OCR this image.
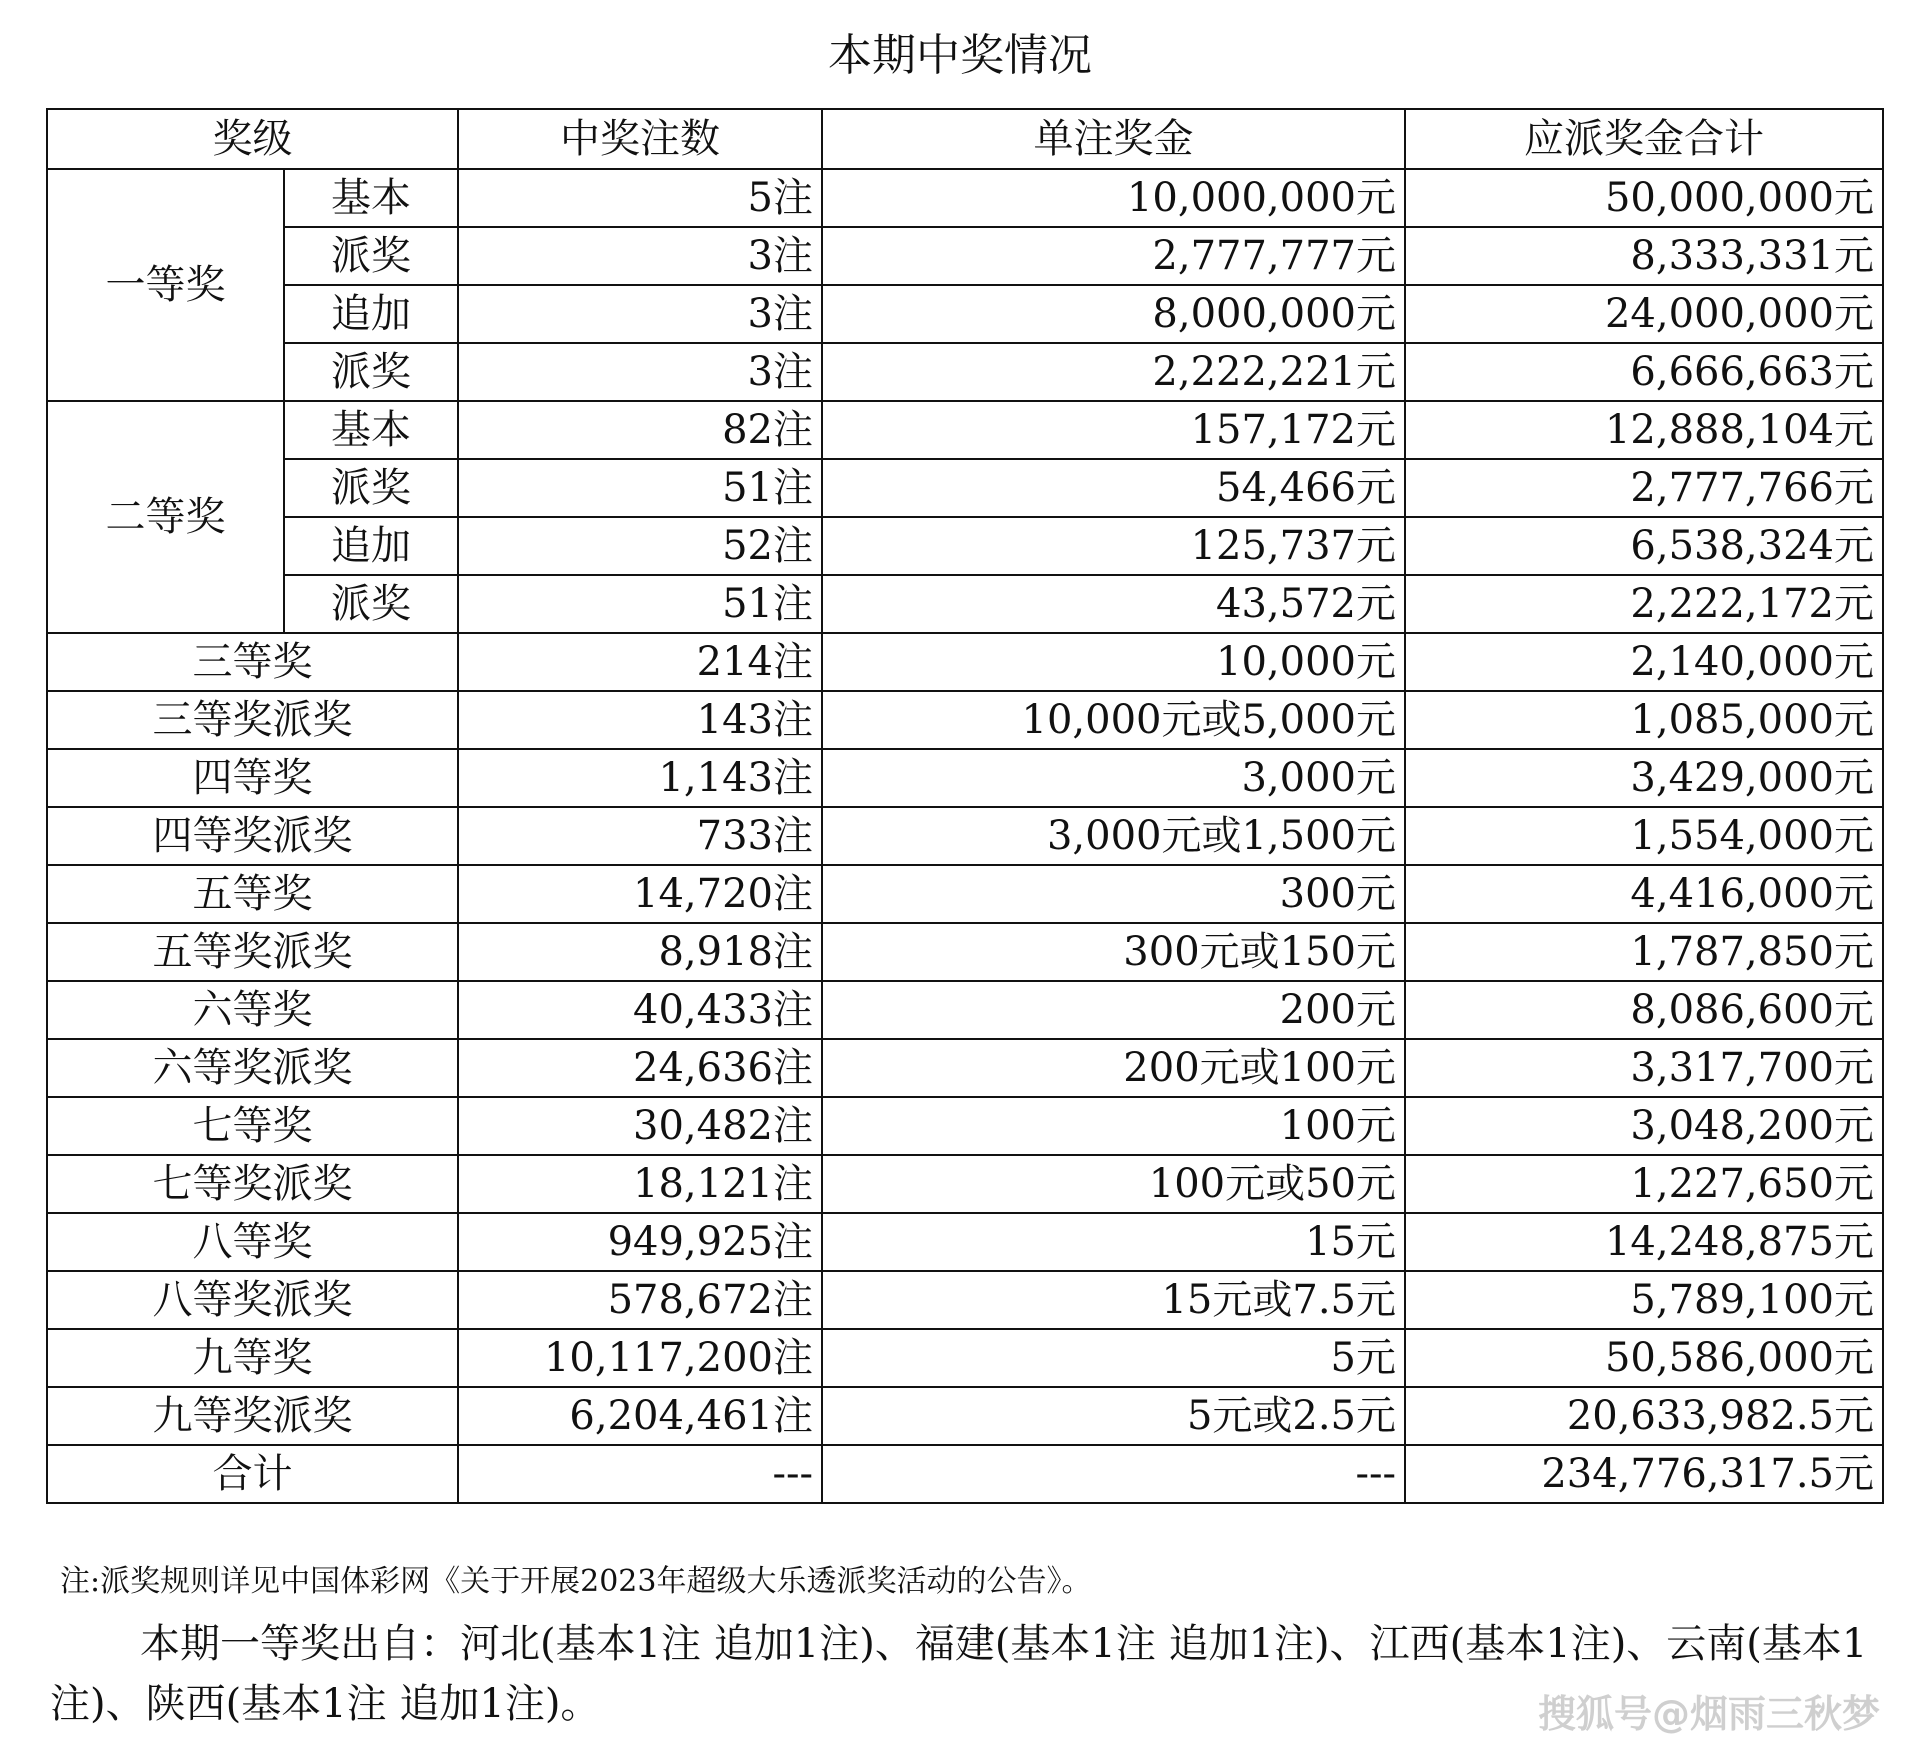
本期中奖情况
奖级		中奖注数	单注奖金	应派奖金合计
一等奖	基本	5注	10,000,000元	50,000,000元
	派奖	3注	2,777,777元	8,333,331元
	追加	3注	8,000,000元	24,000,000元
	派奖	3注	2,222,221元	6,666,663元
二等奖	基本	82注	157,172元	12,888,104元
	派奖	51注	54,466元	2,777,766元
	追加	52注	125,737元	6,538,324元
	派奖	51注	43,572元	2,222,172元
三等奖		214注	10,000元	2,140,000元
三等奖派奖		143注	10,000元或5,000元	1,085,000元
四等奖		1,143注	3,000元	3,429,000元
四等奖派奖		733注	3,000元或1,500元	1,554,000元
五等奖		14,720注	300元	4,416,000元
五等奖派奖		8,918注	300元或150元	1,787,850元
六等奖		40,433注	200元	8,086,600元
六等奖派奖		24,636注	200元或100元	3,317,700元
七等奖		30,482注	100元	3,048,200元
七等奖派奖		18,121注	100元或50元	1,227,650元
八等奖		949,925注	15元	14,248,875元
八等奖派奖		578,672注	15元或7.5元	5,789,100元
九等奖		10,117,200注	5元	50,586,000元
九等奖派奖		6,204,461注	5元或2.5元	20,633,982.5元
合计		---	---	234,776,317.5元
注:派奖规则详见中国体彩网《关于开展2023年超级大乐透派奖活动的公告》。
本期一等奖出自：河北(基本1注 追加1注)、福建(基本1注 追加1注)、江西(基本1注)、云南(基本1注)、陕西(基本1注 追加1注)。	搜狐号@烟雨三秋梦
